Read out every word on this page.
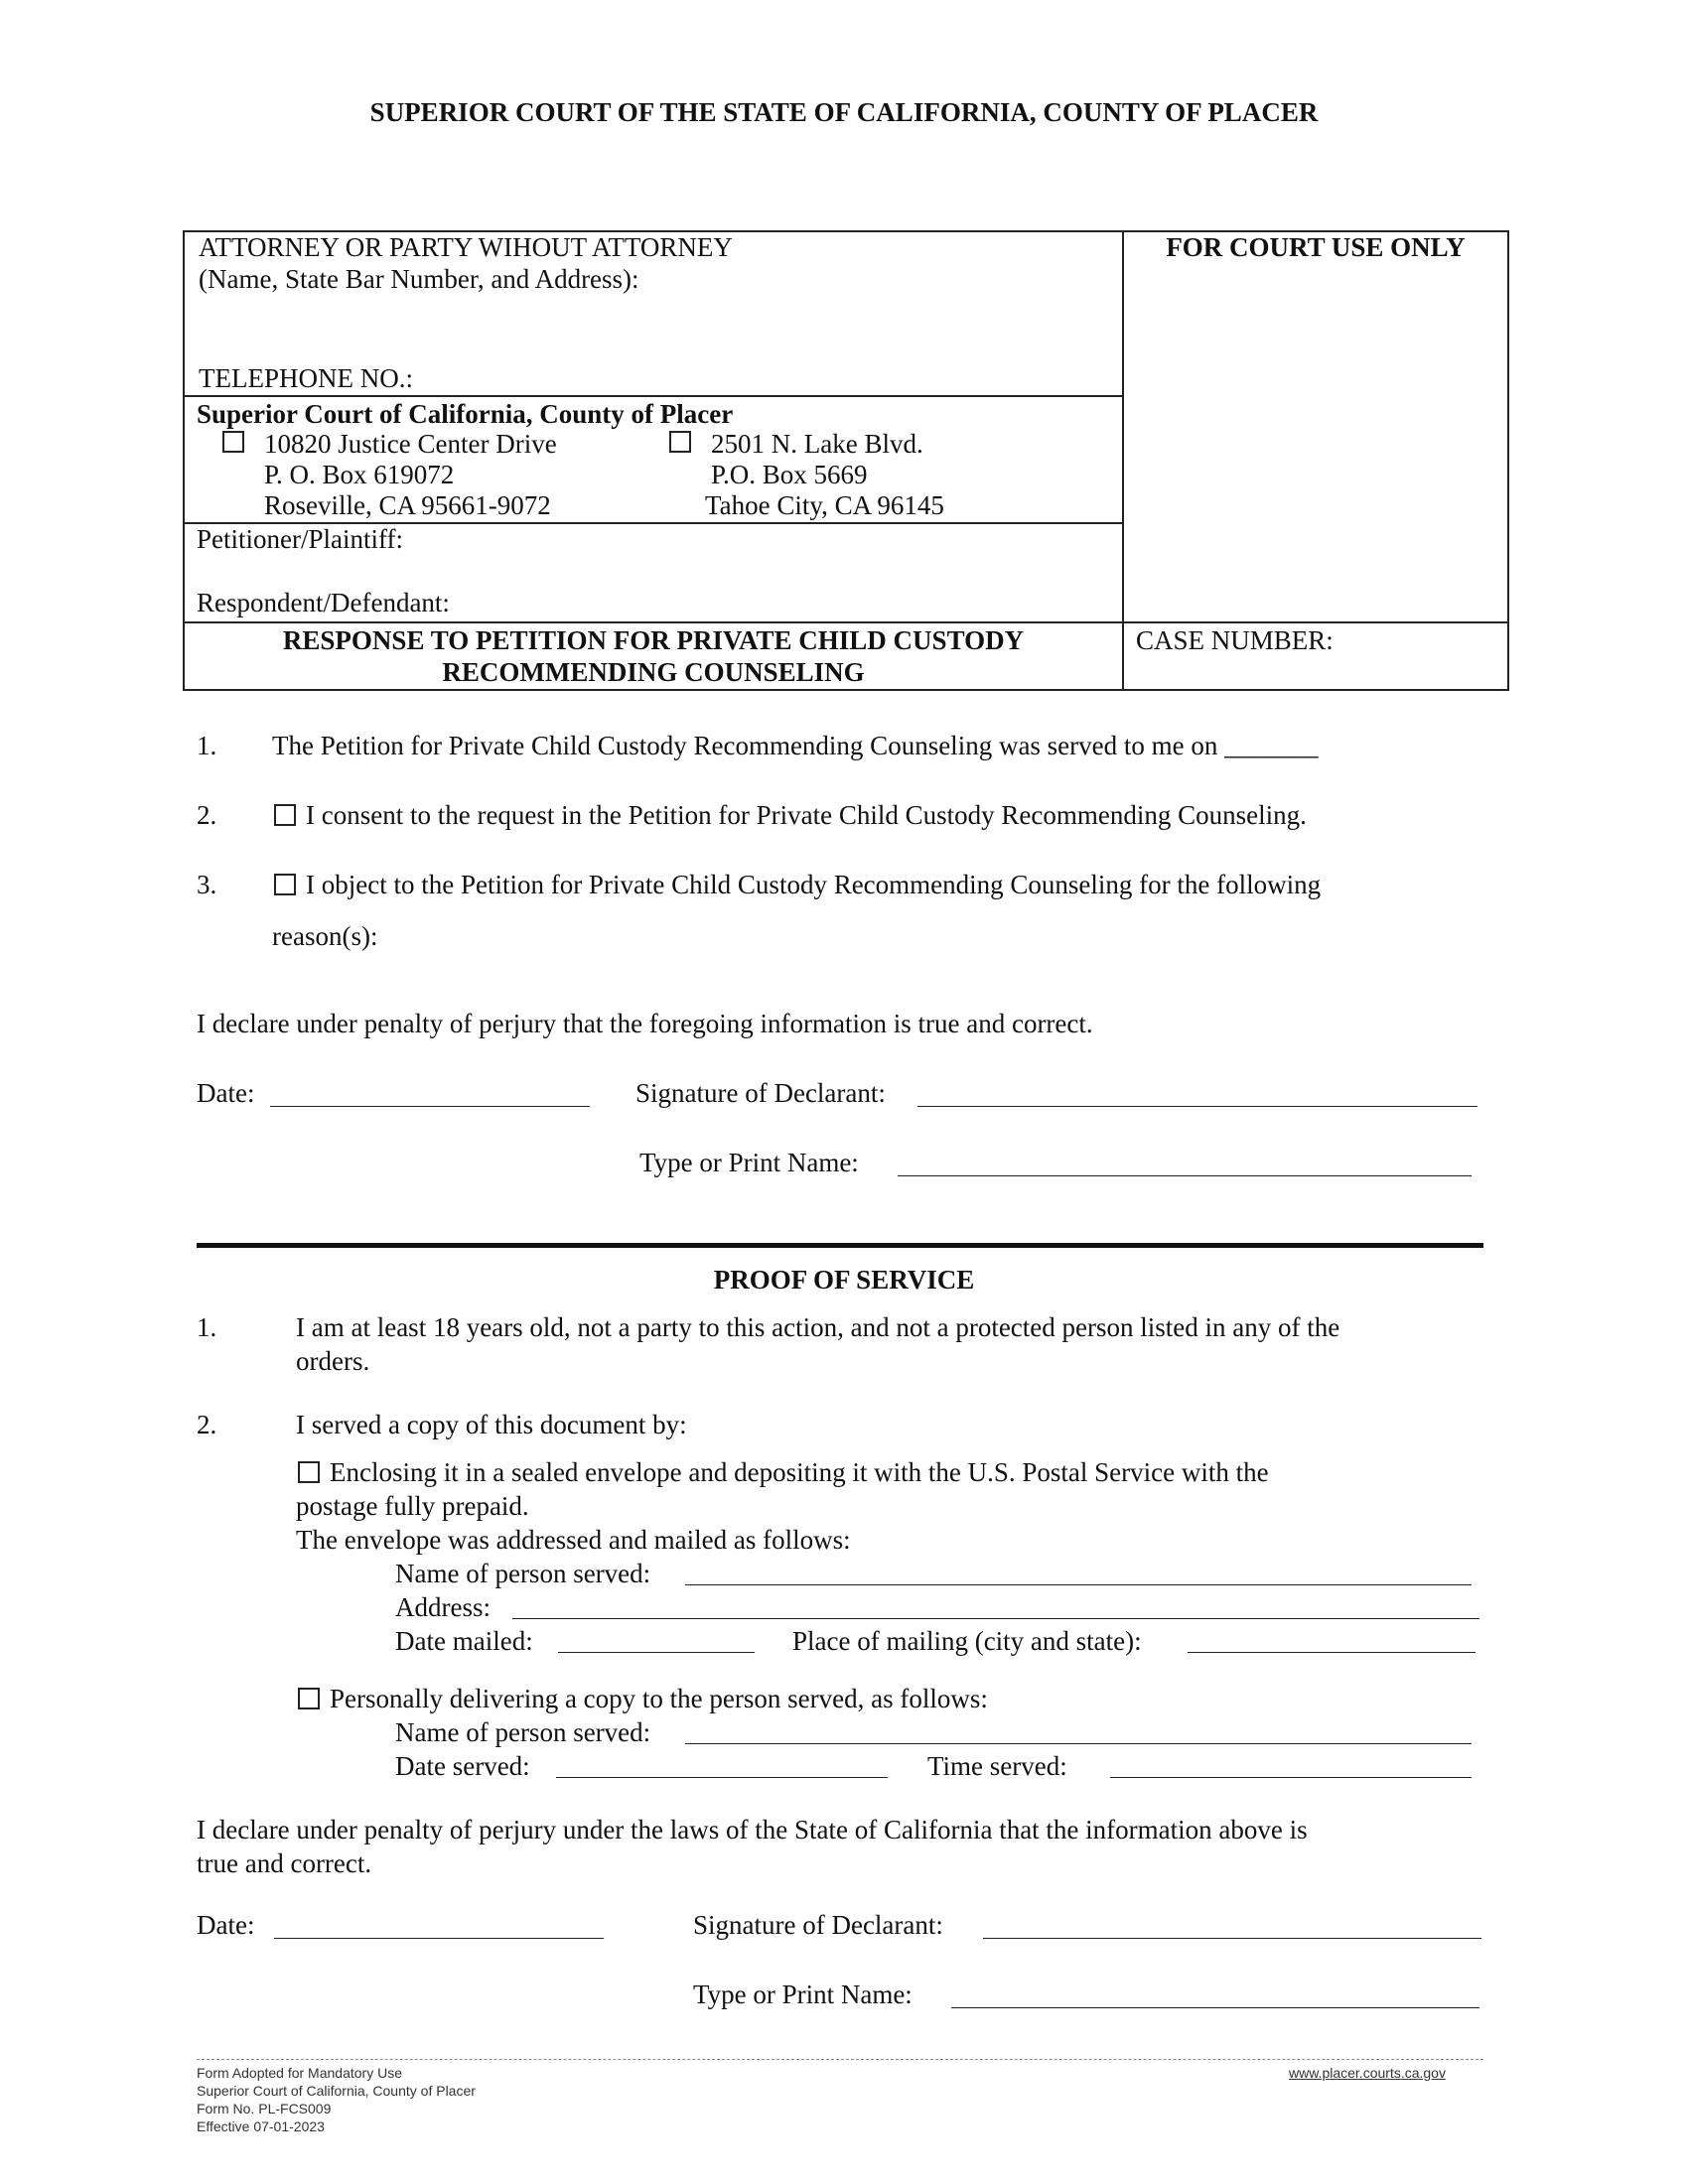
SUPERIOR COURT OF THE STATE OF CALIFORNIA, COUNTY OF PLACER
ATTORNEY OR PARTY WIHOUT ATTORNEY
(Name, State Bar Number, and Address):
TELEPHONE NO.:
FOR COURT USE ONLY
Superior Court of California, County of Placer
10820 Justice Center Drive
P. O. Box 619072
Roseville, CA 95661-9072
2501 N. Lake Blvd.
P.O. Box 5669
Tahoe City, CA 96145
Petitioner/Plaintiff:
Respondent/Defendant:
RESPONSE TO PETITION FOR PRIVATE CHILD CUSTODY
RECOMMENDING COUNSELING
CASE NUMBER:
1. The Petition for Private Child Custody Recommending Counseling was served to me on _______
2.	I consent to the request in the Petition for Private Child Custody Recommending Counseling.
3.	I object to the Petition for Private Child Custody Recommending Counseling for the following
reason(s):
I declare under penalty of perjury that the foregoing information is true and correct.
Date:	Signature of Declarant:
Type or Print Name:
PROOF OF SERVICE
1.	I am at least 18 years old, not a party to this action, and not a protected person listed in any of the
orders.
2.	I served a copy of this document by:
Enclosing it in a sealed envelope and depositing it with the U.S. Postal Service with the
postage fully prepaid.
The envelope was addressed and mailed as follows:
Name of person served:
Address:
Date mailed:	Place of mailing (city and state):
Personally delivering a copy to the person served, as follows:
Name of person served:
Date served:	Time served:
I declare under penalty of perjury under the laws of the State of California that the information above is
true and correct.
Date:	Signature of Declarant:
Type or Print Name:
Form Adopted for Mandatory Use
Superior Court of California, County of Placer
Form No. PL-FCS009
Effective 07-01-2023
www.placer.courts.ca.gov
